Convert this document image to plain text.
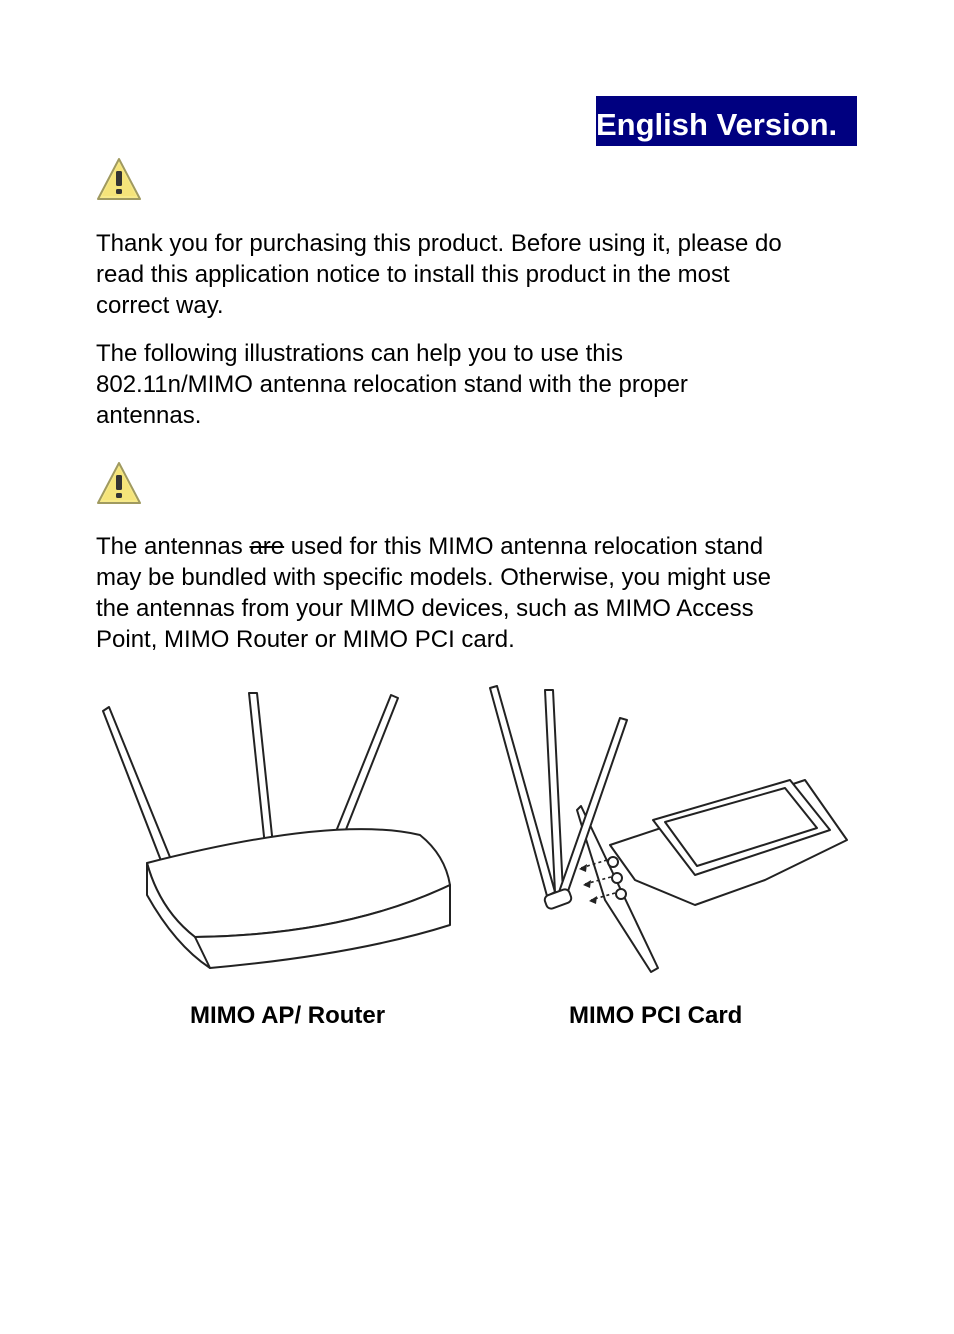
English Version.

Thank you for purchasing this product. Before using it, please do
read this application notice to install this product in the most
correct way.

The following illustrations can help you to use this
802.11n/MIMO antenna relocation stand with the proper
antennas.

The antennas are used for this MIMO antenna relocation stand
may be bundled with specific models. Otherwise, you might use
the antennas from your MIMO devices, such as MIMO Access
Point, MIMO Router or MIMO PCI card.

MIMO AP/ Router	MIMO PCI Card
